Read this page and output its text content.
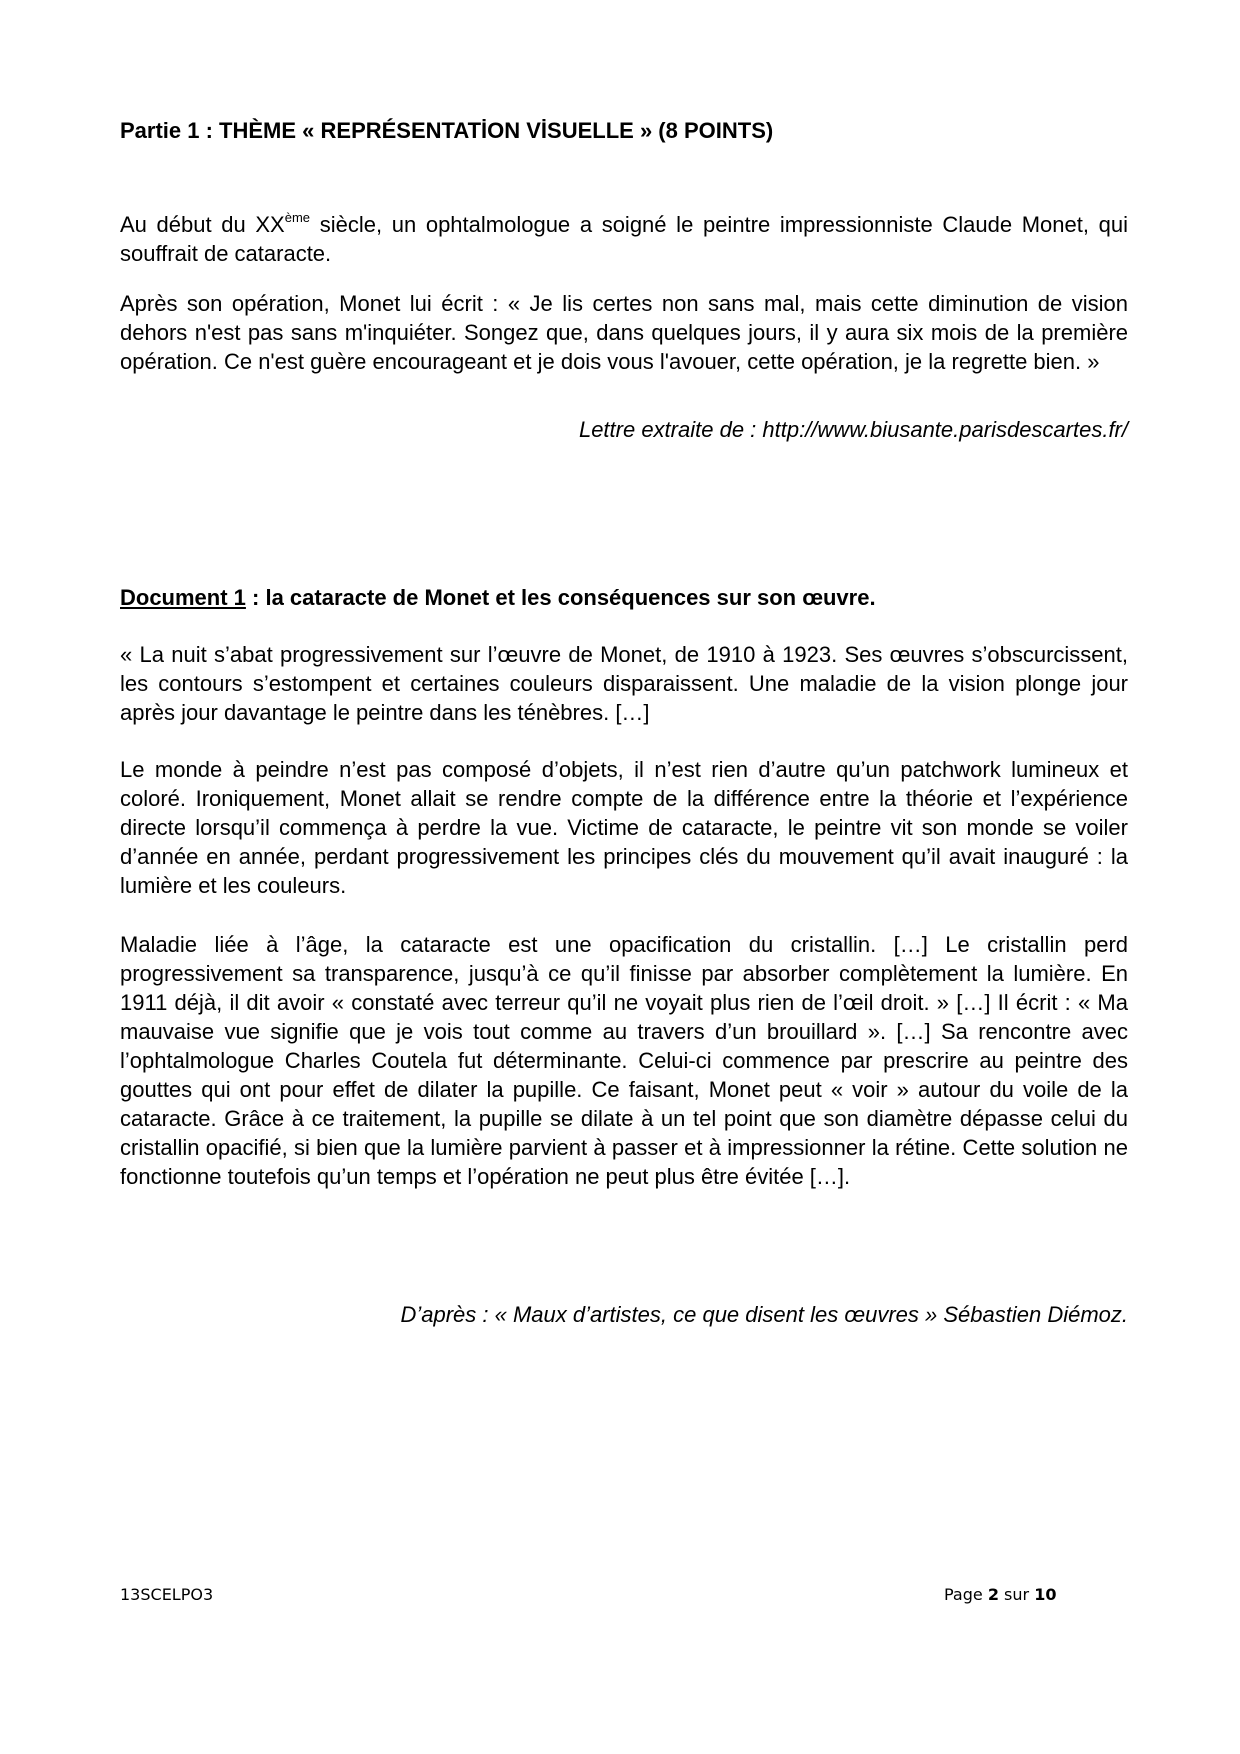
Partie 1 : THÈME « REPRÉSENTATİON VİSUELLE » (8 POINTS)

Au début du XXème siècle, un ophtalmologue a soigné le peintre impressionniste Claude Monet, qui souffrait de cataracte.

Après son opération, Monet lui écrit : « Je lis certes non sans mal, mais cette diminution de vision dehors n'est pas sans m'inquiéter. Songez que, dans quelques jours, il y aura six mois de la première opération. Ce n'est guère encourageant et je dois vous l'avouer, cette opération, je la regrette bien. »

Lettre extraite de : http://www.biusante.parisdescartes.fr/
Document 1 : la cataracte de Monet et les conséquences sur son œuvre.

« La nuit s’abat progressivement sur l’œuvre de Monet, de 1910 à 1923. Ses œuvres s’obscurcissent, les contours s’estompent et certaines couleurs disparaissent. Une maladie de la vision plonge jour après jour davantage le peintre dans les ténèbres. […]

Le monde à peindre n’est pas composé d’objets, il n’est rien d’autre qu’un patchwork lumineux et coloré. Ironiquement, Monet allait se rendre compte de la différence entre la théorie et l’expérience directe lorsqu’il commença à perdre la vue. Victime de cataracte, le peintre vit son monde se voiler d’année en année, perdant progressivement les principes clés du mouvement qu’il avait inauguré : la lumière et les couleurs.

Maladie liée à l’âge, la cataracte est une opacification du cristallin. […] Le cristallin perd progressivement sa transparence, jusqu’à ce qu’il finisse par absorber complètement la lumière. En 1911 déjà, il dit avoir « constaté avec terreur qu’il ne voyait plus rien de l’œil droit. » […] Il écrit : « Ma mauvaise vue signifie que je vois tout comme au travers d’un brouillard ». […] Sa rencontre avec l’ophtalmologue Charles Coutela fut déterminante. Celui-ci commence par prescrire au peintre des gouttes qui ont pour effet de dilater la pupille. Ce faisant, Monet peut « voir » autour du voile de la cataracte. Grâce à ce traitement, la pupille se dilate à un tel point que son diamètre dépasse celui du cristallin opacifié, si bien que la lumière parvient à passer et à impressionner la rétine. Cette solution ne fonctionne toutefois qu’un temps et l’opération ne peut plus être évitée […].

D’après : « Maux d’artistes, ce que disent les œuvres » Sébastien Diémoz.
13SCELPO3	Page 2 sur 10
